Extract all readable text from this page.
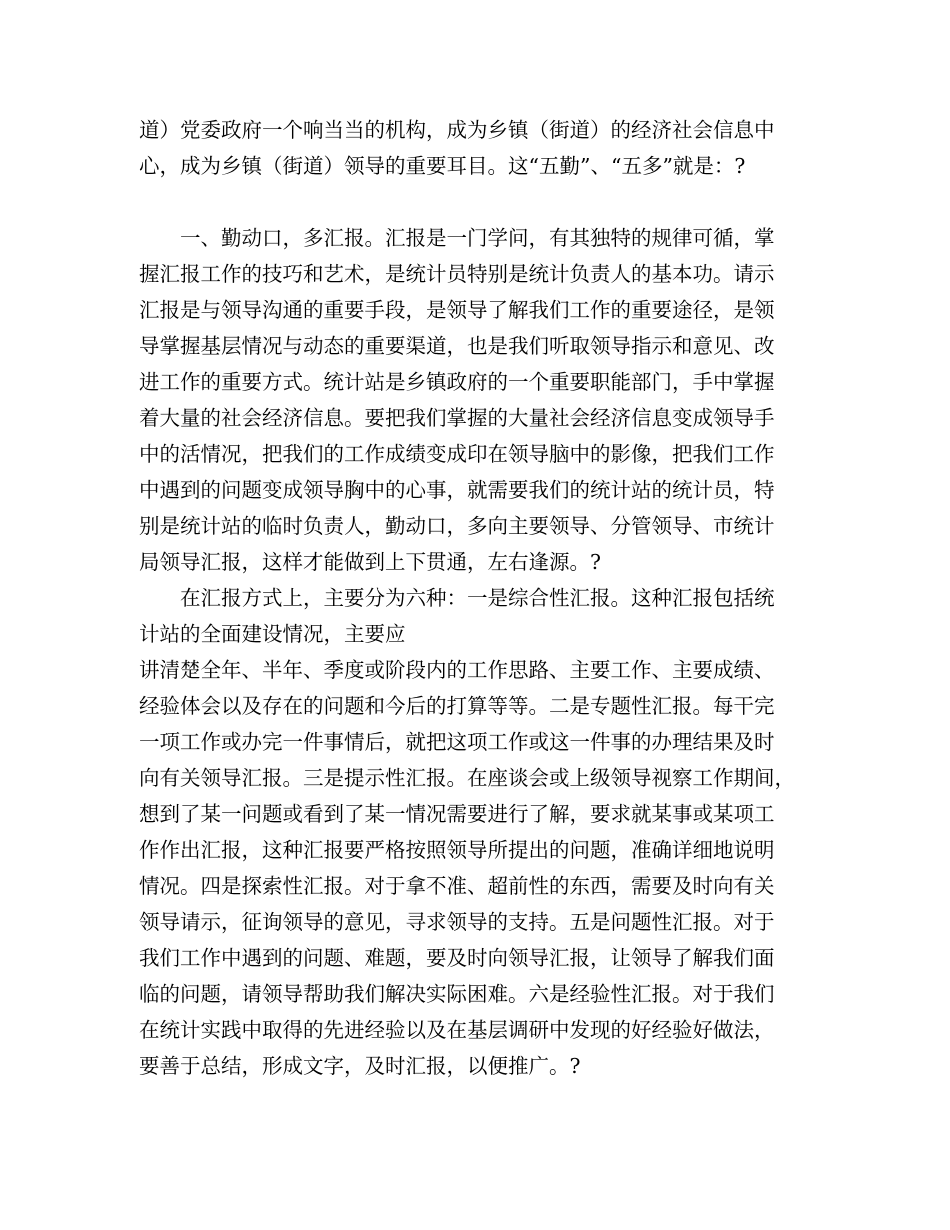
道）党委政府一个响当当的机构，成为乡镇（街道）的经济社会信息中
心，成为乡镇（街道）领导的重要耳目。这“五勤”、“五多”就是：?
　　一、勤动口，多汇报。汇报是一门学问，有其独特的规律可循，掌
握汇报工作的技巧和艺术，是统计员特别是统计负责人的基本功。请示
汇报是与领导沟通的重要手段，是领导了解我们工作的重要途径，是领
导掌握基层情况与动态的重要渠道，也是我们听取领导指示和意见、改
进工作的重要方式。统计站是乡镇政府的一个重要职能部门，手中掌握
着大量的社会经济信息。要把我们掌握的大量社会经济信息变成领导手
中的活情况，把我们的工作成绩变成印在领导脑中的影像，把我们工作
中遇到的问题变成领导胸中的心事，就需要我们的统计站的统计员，特
别是统计站的临时负责人，勤动口，多向主要领导、分管领导、市统计
局领导汇报，这样才能做到上下贯通，左右逢源。?
　　在汇报方式上，主要分为六种：一是综合性汇报。这种汇报包括统
计站的全面建设情况，主要应
讲清楚全年、半年、季度或阶段内的工作思路、主要工作、主要成绩、
经验体会以及存在的问题和今后的打算等等。二是专题性汇报。每干完
一项工作或办完一件事情后，就把这项工作或这一件事的办理结果及时
向有关领导汇报。三是提示性汇报。在座谈会或上级领导视察工作期间，
想到了某一问题或看到了某一情况需要进行了解，要求就某事或某项工
作作出汇报，这种汇报要严格按照领导所提出的问题，准确详细地说明
情况。四是探索性汇报。对于拿不准、超前性的东西，需要及时向有关
领导请示，征询领导的意见，寻求领导的支持。五是问题性汇报。对于
我们工作中遇到的问题、难题，要及时向领导汇报，让领导了解我们面
临的问题，请领导帮助我们解决实际困难。六是经验性汇报。对于我们
在统计实践中取得的先进经验以及在基层调研中发现的好经验好做法，
要善于总结，形成文字，及时汇报，以便推广。?
